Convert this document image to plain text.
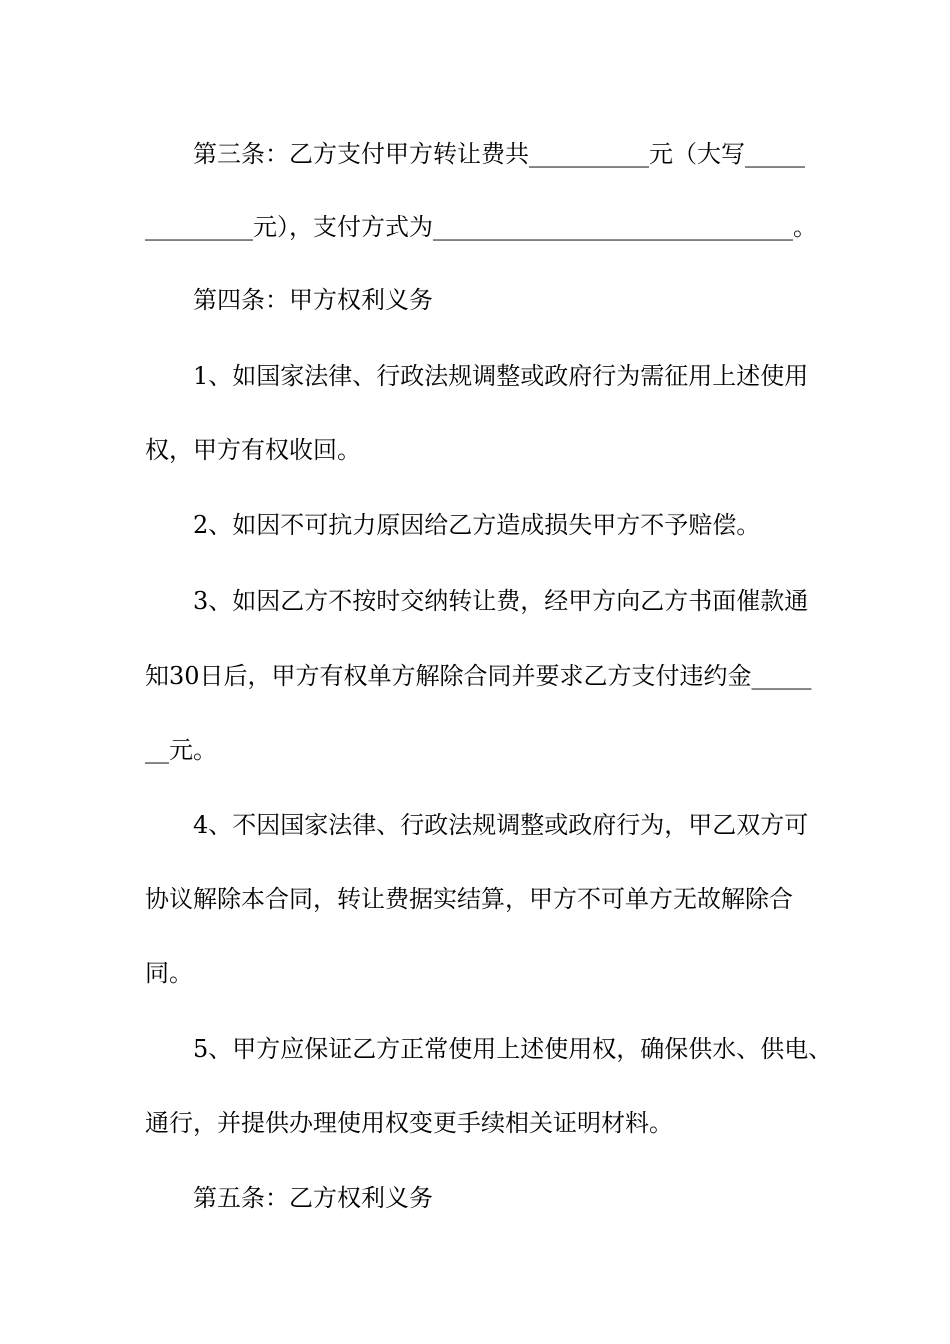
第三条：乙方支付甲方转让费共__________元（大写_____
_________元），支付方式为______________________________。
第四条：甲方权利义务
1、如国家法律、行政法规调整或政府行为需征用上述使用
权，甲方有权收回。
2、如因不可抗力原因给乙方造成损失甲方不予赔偿。
3、如因乙方不按时交纳转让费，经甲方向乙方书面催款通
知30日后，甲方有权单方解除合同并要求乙方支付违约金_____
__元。
4、不因国家法律、行政法规调整或政府行为，甲乙双方可
协议解除本合同，转让费据实结算，甲方不可单方无故解除合
同。
5、甲方应保证乙方正常使用上述使用权，确保供水、供电、
通行，并提供办理使用权变更手续相关证明材料。
第五条：乙方权利义务
